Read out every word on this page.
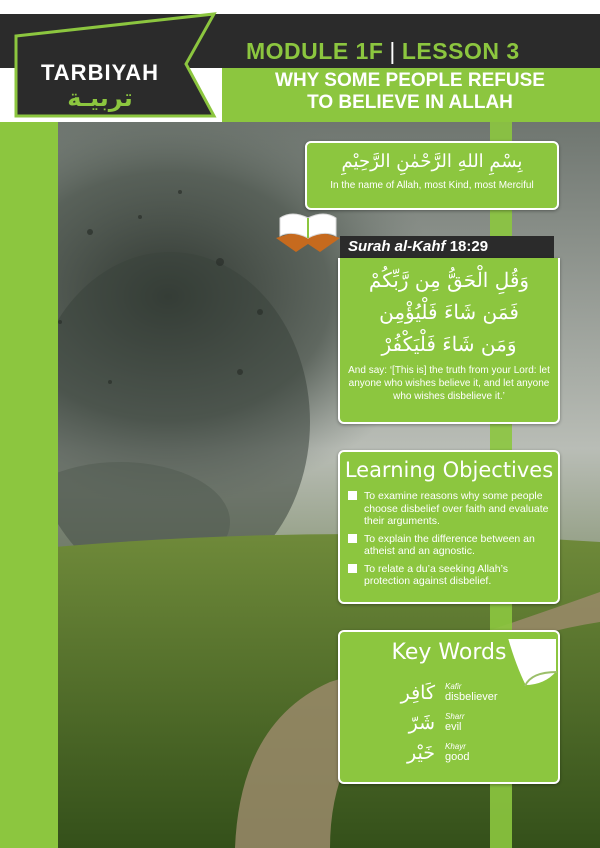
TARBIYAH
تربيـة
MODULE 1F | LESSON 3
WHY SOME PEOPLE REFUSE
TO BELIEVE IN ALLAH
بِسْمِ اللهِ الرَّحْمٰنِ الرَّحِيْمِ
In the name of Allah, most Kind, most Merciful
Surah al-Kahf 18:29
وَقُلِ الْحَقُّ مِن رَّبِّكُمْ
فَمَن شَاءَ فَلْيُؤْمِن
وَمَن شَاءَ فَلْيَكْفُرْ
And say: ‘[This is] the truth from your Lord: let anyone who wishes believe it, and let anyone who wishes disbelieve it.’
Learning Objectives
To examine reasons why some people choose disbelief over faith and evaluate their arguments.
To explain the difference between an atheist and an agnostic.
To relate a du’a seeking Allah’s protection against disbelief.
Key Words
كَافِر Kafir
disbeliever
شَرّ Sharr
evil
خَيْر Khayr
good
